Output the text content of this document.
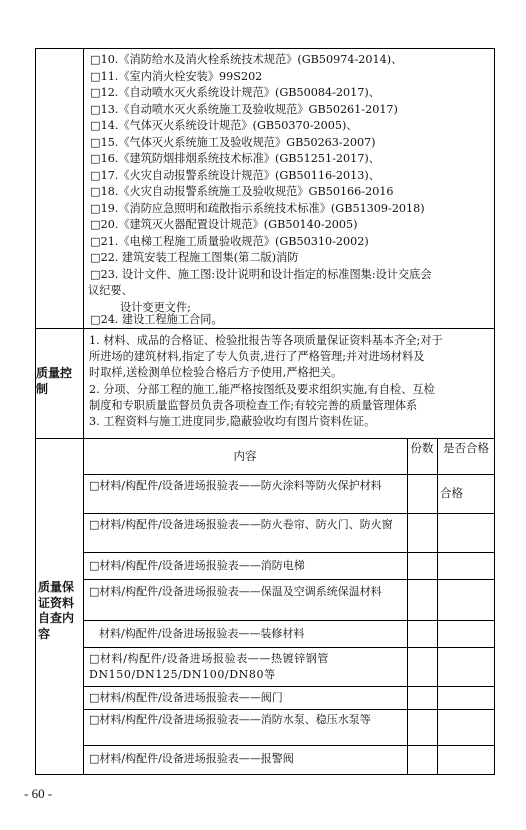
□10.《消防给水及消火栓系统技术规范》(GB50974-2014)、
□11.《室内消火栓安装》99S202
□12.《自动喷水灭火系统设计规范》(GB50084-2017)、
□13.《自动喷水灭火系统施工及验收规范》GB50261-2017)
□14.《气体灭火系统设计规范》(GB50370-2005)、
□15.《气体灭火系统施工及验收规范》GB50263-2007)
□16.《建筑防烟排烟系统技术标准》(GB51251-2017)、
□17.《火灾自动报警系统设计规范》(GB50116-2013)、
□18.《火灾自动报警系统施工及验收规范》GB50166-2016
□19.《消防应急照明和疏散指示系统技术标准》(GB51309-2018)
□20.《建筑灭火器配置设计规范》(GB50140-2005)
□21.《电梯工程施工质量验收规范》(GB50310-2002)
□22. 建筑安装工程施工图集(第二版)消防
□23. 设计文件、施工图:设计说明和设计指定的标准图集:设计交底会
议纪要、
设计变更文件;
□24. 建设工程施工合同。
质量控制
1. 材料、成品的合格证、检验批报告等各项质量保证资料基本齐全;对于
所进场的建筑材料,指定了专人负责,进行了严格管理;并对进场材料及
时取样,送检测单位检验合格后方予使用,严格把关。
2. 分项、分部工程的施工,能严格按图纸及要求组织实施,有自检、互检
制度和专职质量监督员负责各项检查工作;有较完善的质量管理体系
3. 工程资料与施工进度同步,隐蔽验收均有图片资料佐证。
质量保证资料自查内容
内容
份数 是否合格
□材料/构配件/设备进场报验表——防火涂料等防火保护材料
合格
□材料/构配件/设备进场报验表——防火卷帘、防火门、防火窗
□材料/构配件/设备进场报验表——消防电梯
□材料/构配件/设备进场报验表——保温及空调系统保温材料
材料/构配件/设备进场报验表——装修材料
□材料/构配件/设备进场报验表——热镀锌钢管DN150/DN125/DN100/DN80等
□材料/构配件/设备进场报验表——阀门
□材料/构配件/设备进场报验表——消防水泵、稳压水泵等
□材料/构配件/设备进场报验表——报警阀
- 60 -
